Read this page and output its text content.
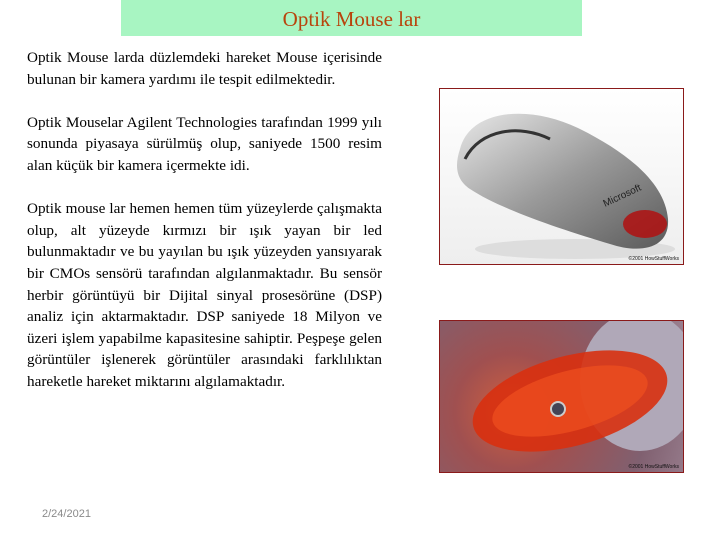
Optik Mouse lar

Optik Mouse larda düzlemdeki hareket Mouse içerisinde bulunan bir kamera yardımı ile tespit edilmektedir.

Optik Mouselar Agilent Technologies tarafından 1999 yılı sonunda piyasaya sürülmüş olup, saniyede 1500 resim alan küçük bir kamera içermekte idi.

Optik mouse lar hemen hemen tüm yüzeylerde çalışmakta olup, alt yüzeyde kırmızı bir ışık yayan bir led bulunmaktadır ve bu yayılan bu ışık yüzeyden yansıyarak bir CMOs sensörü tarafından algılanmaktadır. Bu sensör herbir görüntüyü bir Dijital sinyal prosesörüne (DSP) analiz için aktarmaktadır. DSP saniyede 18 Milyon ve üzeri işlem yapabilme kapasitesine sahiptir. Peşpeşe gelen görüntüler işlenerek görüntüler arasındaki farklılıktan hareketle hareket miktarını algılamaktadır.

Microsoft
©2001 HowStuffWorks
©2001 HowStuffWorks
2/24/2021
